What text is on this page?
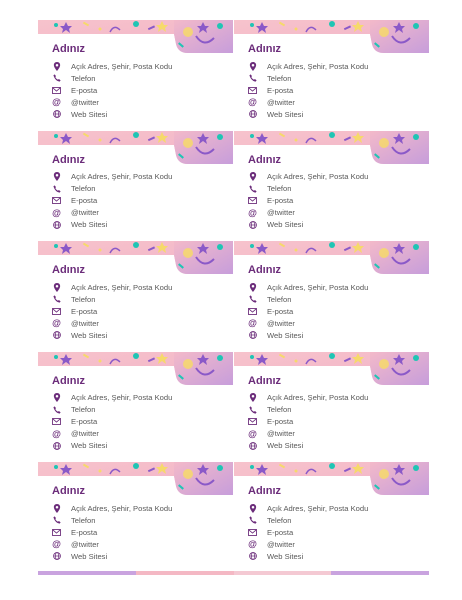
Adınız
Açık Adres, Şehir, Posta Kodu
Telefon
E-posta
@ @twitter
Web Sitesi
Adınız
Açık Adres, Şehir, Posta Kodu
Telefon
E-posta
@ @twitter
Web Sitesi
Adınız
Açık Adres, Şehir, Posta Kodu
Telefon
E-posta
@ @twitter
Web Sitesi
Adınız
Açık Adres, Şehir, Posta Kodu
Telefon
E-posta
@ @twitter
Web Sitesi
Adınız
Açık Adres, Şehir, Posta Kodu
Telefon
E-posta
@ @twitter
Web Sitesi
Adınız
Açık Adres, Şehir, Posta Kodu
Telefon
E-posta
@ @twitter
Web Sitesi
Adınız
Açık Adres, Şehir, Posta Kodu
Telefon
E-posta
@ @twitter
Web Sitesi
Adınız
Açık Adres, Şehir, Posta Kodu
Telefon
E-posta
@ @twitter
Web Sitesi
Adınız
Açık Adres, Şehir, Posta Kodu
Telefon
E-posta
@ @twitter
Web Sitesi
Adınız
Açık Adres, Şehir, Posta Kodu
Telefon
E-posta
@ @twitter
Web Sitesi
